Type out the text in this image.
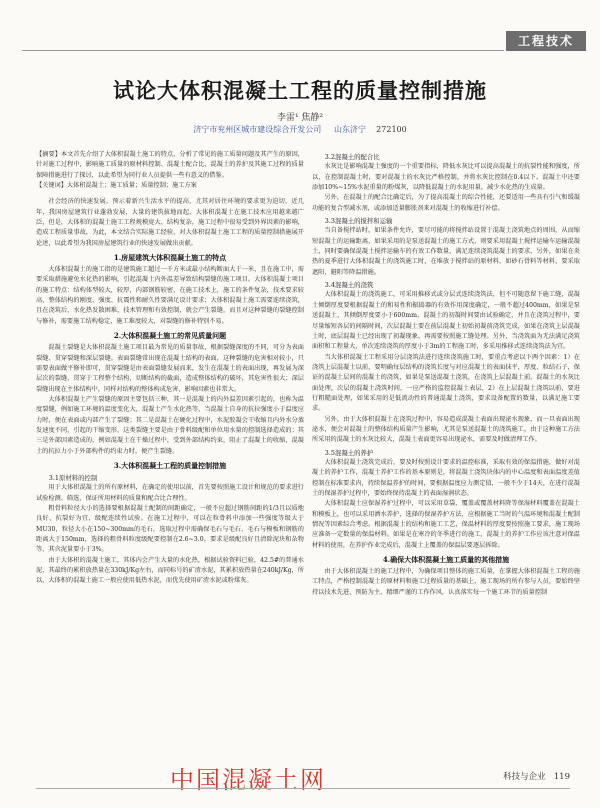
工程技术
试论大体积混凝土工程的质量控制措施
李雷¹ 焦静²
济宁市兖州区城市建设综合开发公司 山东济宁 272100

【摘要】本文首先介绍了大体积混凝土施工的特点，分析了常见的施工质量问题及其产生的原因，针对施工过程中，影响施工质量的原材料控制、混凝土配合比、混凝土的养护及其施工过程的质量保障措施进行了探讨，以此希望为同行业人员提供一些有意义的借鉴。

【关键词】大体积混凝土；施工质量；质量控制；施工方案

社会经济的快速发展，预示着新兴生活水平的提高，尤其对居住环境的要求更为迫切，近几年，我国房屋建筑行业蓬勃发展，大量的建筑拔地而起，大体积混凝土在施工技术应用越来越广泛，但是，大体积的混凝土施工工程规模庞大、结构复杂，施工过程中很易受到外界因素的影响，造成工程质量事故，为此，本文结合实际施工经验，对大体积混凝土施工工程的质量控制措施展开论述，以此希望为我国房屋建筑行业的快速发展做出贡献。

1.房屋建筑大体积混凝土施工的特点

大体积混凝土的施工指的是建筑施工超过一千方米或最小结构断面大于一米，且在施工中，需要采取措施避免水化热的影响，引起混凝土内外温差导致结构裂缝的施工项目。大体积混凝土项目的施工特点：结构体型较大，较厚，内部钢筋较密，在施工技术上，施工的条件复杂，技术要求较高，整体结构的刚度、强度、抗震性和耐久性要满足设计要求；大体积混凝土施工需要连续浇筑，且在浇筑后，水化热发散困难，技术管理和有效控制，就会产生裂缝，而且对这种裂缝的裂缝控制与修补，需要施工结构稳定，施工难度较大，对裂缝的修补特别不易。

2.大体积混凝土施工的常见质量问题

混凝土裂缝是大体积混凝土施工项目最为常见的质量事故，根据裂缝深度的不同，可分为表面裂缝、贯穿裂缝和深层裂缝。表面裂缝常出现在混凝土结构的表面，这种裂缝的危害相对较小，只需要表面做平修补即可，贯穿裂缝是由表面裂缝发展而来，发生在混凝土的表面出现，再发展为深层次的裂缝，贯穿于工程整个结构，切断结构的截面，造成整体结构的破坏，其危害性很大；深层裂缝出现在主体结构中，同样对结构的整体构成危害，影响因素也非常大。

大体积混凝土产生裂缝的原因主要包括三种，其一是混凝土的内外温差因素引起的，也称为温度裂缝，例如施工环境的温度变化大，混凝土产生水化热等，当混凝土自身的抗拉强度小于温度应力时，便在表面或内部产生了裂缝；其二是混凝土在硬化过程中，水泥胶凝会干收缩且内外水分蒸发速度不同，引起的干缩变形，这类裂缝主要是由于骨料级配和单位用水量的控制选择造成的；其三是外部因素造成的，例如混凝土在干燥过程中，受到外部结构约束，阻止了混凝土的收缩，混凝土的抗拉力小于外部构件的约束力时，便产生裂缝。

3.大体积混凝土工程的质量控制措施
3.1原材料的控制

用于大体积混凝土的所有原材料，在确定的使用以前，首先要按照施工设计和规范的要求进行试验检测、筛选，保证所用材料的质量和配合比合理性。

粗骨料粒径大小的选择要根据混凝土配制的间距确定，一般不应超过钢筋间距的1/3且以质地良好，抗裂好为宜，级配连续性试验。在施工过程中，可以在粒骨料中添加一些强度等级大于MU30，粒径大小在150~300mm的毛石，选取过程中需确保毛石与毛石、毛石与模板和钢筋的距离大于150mm，选择的粗骨料粒度级配要控制在2.6~3.0。要求是级配良好且清除泥块和杂物等，其含泥量要小于3%。

由于大体积的混凝土施工，其体内会产生大量的水化热，根据试验资料已验，42.5#的普通水泥，其最终的累积放热量在330kJ/Kg左右，而同标号的矿渣水泥，其累积放热量在240kJ/Kg，所以，大体积的混凝土施工一般应使用低热水泥，而优先使用矿渣水泥或粉煤灰。

3.2混凝土的配合比

水灰比是影响混凝土强度的一个重要指标，降低水灰比可以提高混凝土的抗裂性能和强度，所以，在控制混凝土时，要对混凝土的水灰比严格控制，并将水灰比控制在0.4以下。混凝土中还要添加10%~15%水泥重量的粉煤灰，以降低混凝土的水泥用量，减少水化热的生成量。

另外，在混凝土的配合比确定后，为了提高混凝土的综合性能，还要适用一些具有引气和缓凝功能的复合型减水剂，或添加适量膨胀剂来对混凝土的收缩进行补偿。

3.3混凝土的搅拌和运输

当自备搅拌站时，如果条件允许，要尽可能的将搅拌站设置于混凝土浇筑地点的周围，从而缩短混凝土的运输距离，如果采用的是泵送混凝土的施工方式，则要采用混凝土搅拌运输车运输混凝土，同时要确保混凝土搅拌运输车的有效工作数量，满足连续浇筑混凝土的要求，另外，如果在炎热的夏季进行大体积混凝土的浇筑施工时，在堆放于搅拌站的原材料，如砂石骨料等材料，要采取遮阳，避阳等降温措施。

3.4混凝土的浇筑

大体积混凝土的浇筑施工，可采用推移式或分层式连续浇筑法，但不可随意留下施工缝，混凝土倾倒厚度要根据混凝土的和易性和振捣器的有效作用深度确定，一般不超过400mm，如果是泵送混凝土，其倾倒厚度要小于600mm，混凝土的初凝时间要由试验确定，并且在浇筑过程中，要尽量缩短各层的间隔时间，次层混凝土要在前层混凝土初始初凝前浇筑完成，如果在浇筑上层混凝土时，底层混凝土已经出现了初凝现象，再需要按照施工缝处理。另外，当浇筑面为无法满足浇筑面积和工程量大，单次连续浇筑的厚度小于3m的工程施工时，多采用推移式连续浇筑法为宜。

当大体积混凝土工程采用分层浇筑法进行连续浇筑施工时，要重点考虑以下两个因素：1）在浇筑上层混凝土以前，要明确每层结构的浇筑长度与对应混凝土的表面抹平，厚度、粒结石子，保证的混凝土层间的混凝土的浇筑，如果是泵送混凝土浇筑，在浇筑上层混凝土前，混凝土的水灰比面处理，次层的混凝土浇筑时间，一应严格的监控混凝土表层，2）在上层混凝土浇筑以前，要进行粗糙面处理，如果采用的是低流动性的普通混凝土浇筑，要求设备配置的数量，以满足施工要求。

另外，由于大体积混凝土在浇筑过程中，容易造成混凝土表面出现泌水现象，而一旦表面出现泌水，便会对混凝土的整体结构质量产生影响，尤其是泵送混凝土的浇筑施工，由于这种施工方法所采用的混凝土的水灰比较大，混凝土表面更容易出现泌水，需要及时做清理工作。

3.5混凝土的养护

大体积混凝土浇筑完成后，要及时按照设计要求的温控标准，采取有效的保温措施，做好对混凝土的养护工作，混凝土养护工作的基本原则是，将混凝土浇筑块体内的中心温度和表面温度差值控制在标准要求内，持续保温养护的时间，要根据温度应力测定值，一般不少于14天，在进行混凝土的保湿养护过程中，要始终保持混凝土的表面湿润状态。

大体积混凝土应保湿养护过程中，可以采用草袋、覆盖或覆盖材料降等保湿材料覆盖在混凝土和模板上，也可以采用洒水养护，选择的保湿养护方法，应根据施工当时的气温环境和混凝土配制情况等因素综合考虑。根据混凝土的结构和施工工艺，保温材料的厚度要按照施工要求，施工现场应准备一定数量的保温材料。如果是在寒冷的冬季进行的施工，混凝土的养护工作应该注意对保温材料的使用，在养护作业完成后，混凝土上覆盖的保温层要逐层拆除。

4.确保大体积混凝土施工质量的其他措施

由于大体积混凝土的施工过程中，为确保项目整体的施工质量，在掌握大体积混凝土工程的施工特点，严格控制混凝土的原材料和施工过程质量的基础上，施工现场的所有参与人员，要始终坚持以技术先进、预防为主、精细严谨的工作作风，认真落实每一个施工环节的质量控制

中国混凝土网	科技与企业 119
